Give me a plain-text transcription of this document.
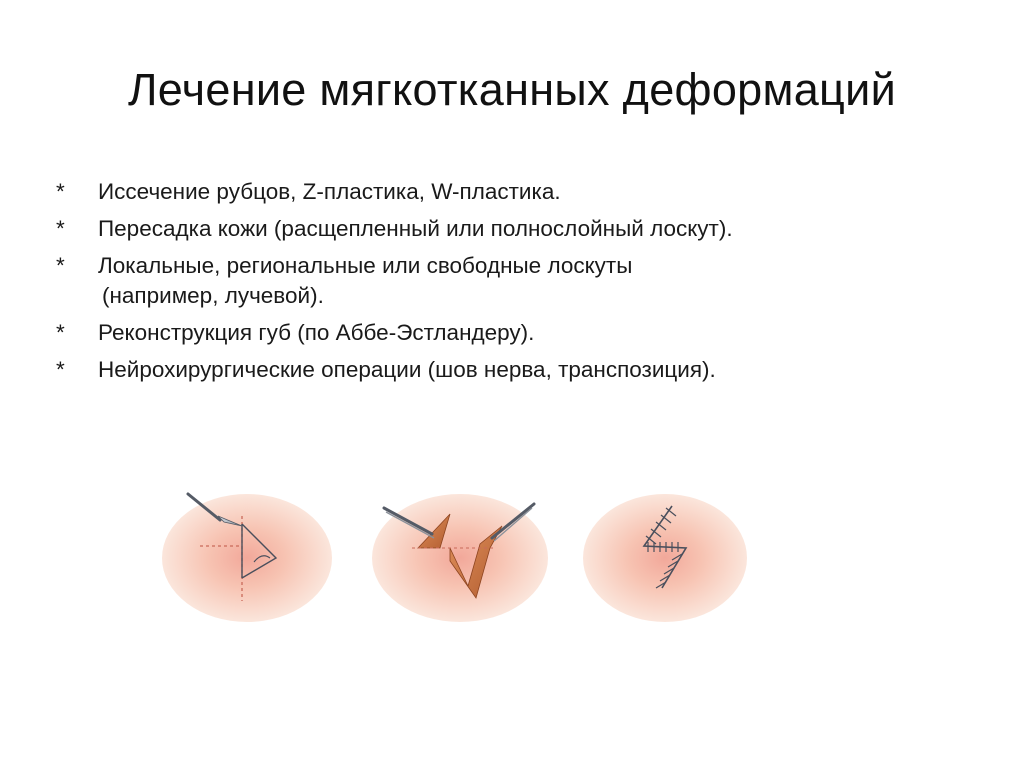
Лечение мягкотканных деформаций
* Иссечение рубцов, Z-пластика, W-пластика.
* Пересадка кожи (расщепленный или полнослойный лоскут).
* Локальные, региональные или свободные лоскуты
(например, лучевой).
* Реконструкция губ (по Аббе-Эстландеру).
* Нейрохирургические операции (шов нерва, транспозиция).
